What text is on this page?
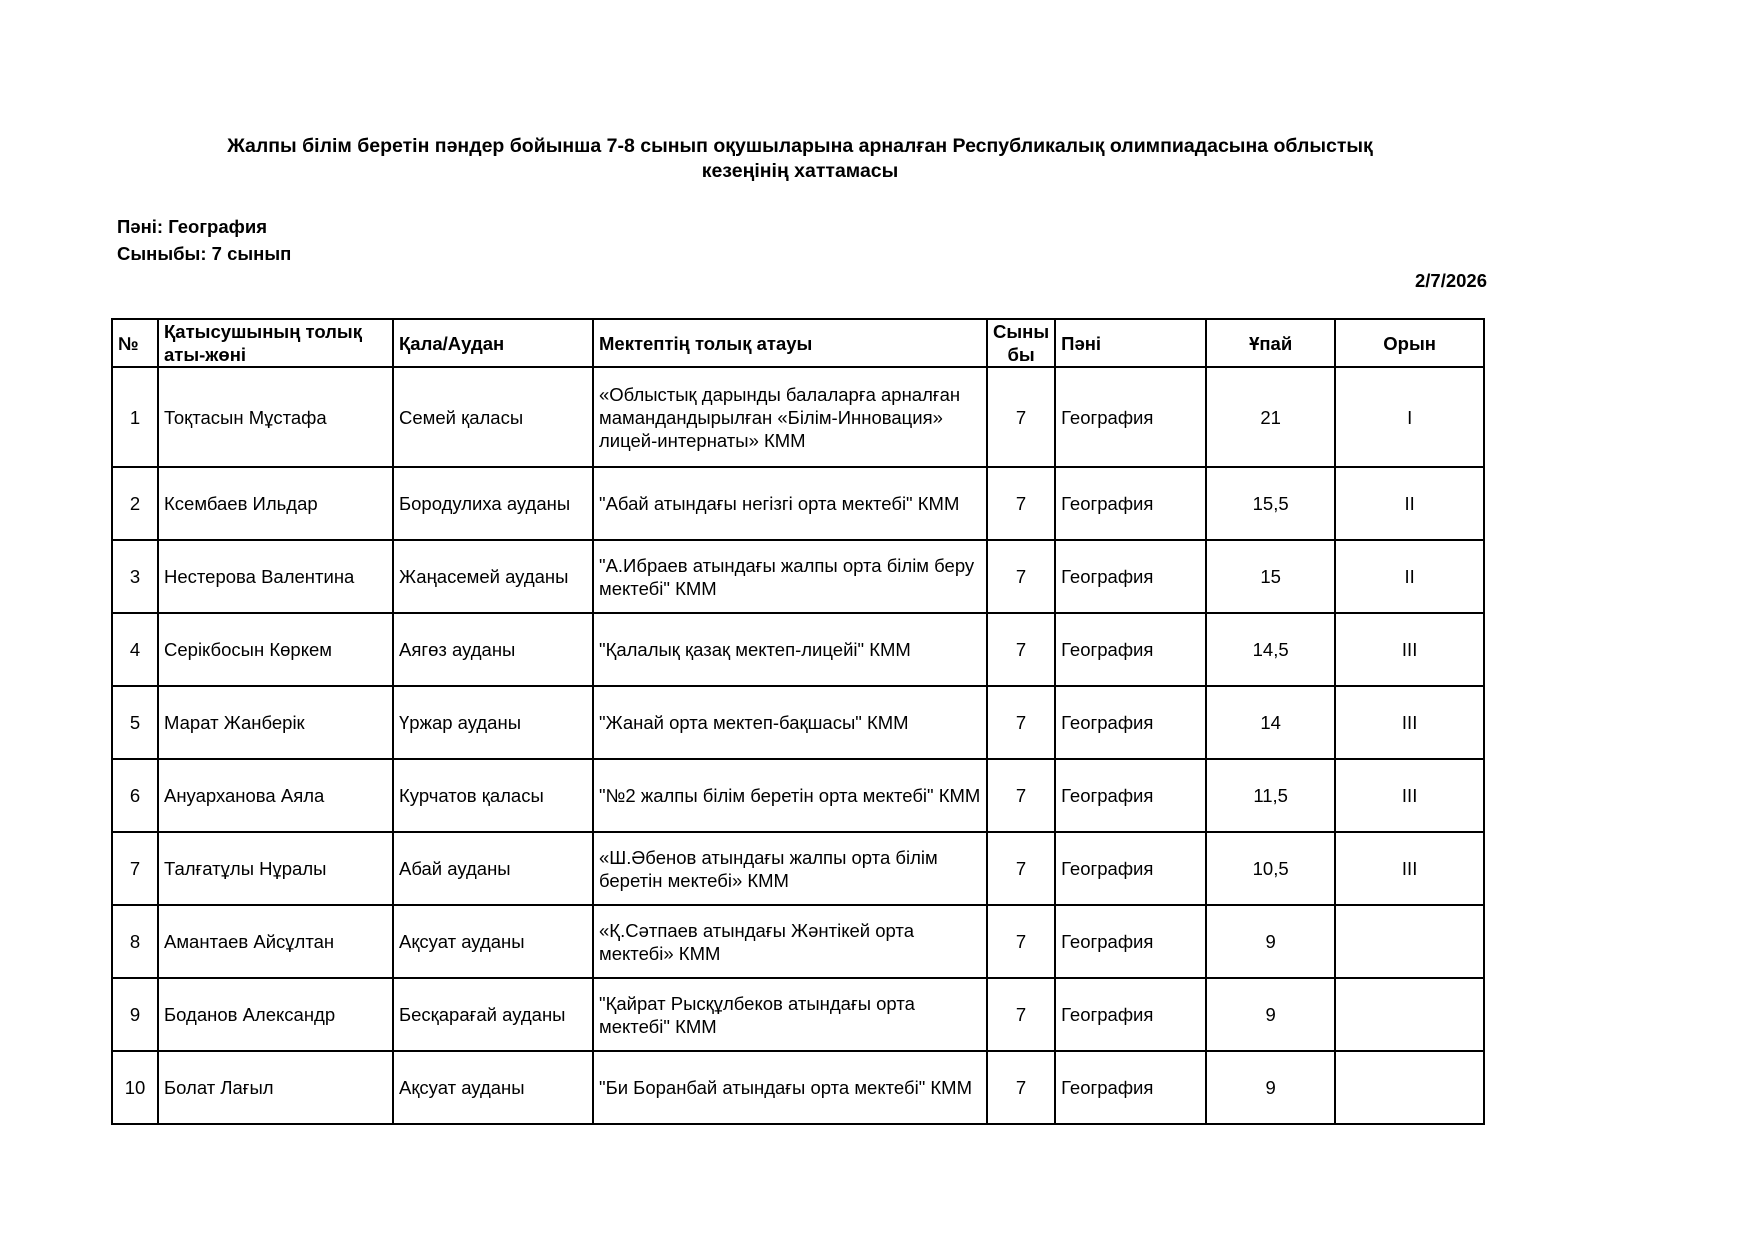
Жалпы білім беретін пәндер бойынша 7-8 сынып оқушыларына арналған Республикалық олимпиадасына облыстық
кезеңінің хаттамасы
Пәні: География
Сыныбы: 7 сынып
2/7/2026
№	Қатысушының толық аты-жөні	Қала/Аудан	Мектептің толық атауы	Сыны бы	Пәні	Ұпай	Орын
1	Тоқтасын Мұстафа	Семей қаласы	«Облыстық дарынды балаларға арналған мамандандырылған «Білім-Инновация» лицей-интернаты» КММ	7	География	21	I
2	Ксембаев Ильдар	Бородулиха ауданы	"Абай атындағы негізгі орта мектебі" КММ	7	География	15,5	II
3	Нестерова Валентина	Жаңасемей ауданы	"А.Ибраев атындағы жалпы орта білім беру мектебі" КММ	7	География	15	II
4	Серікбосын Көркем	Аягөз ауданы	"Қалалық қазақ мектеп-лицейі" КММ	7	География	14,5	III
5	Марат Жанберік	Үржар ауданы	"Жанай орта мектеп-бақшасы" КММ	7	География	14	III
6	Ануарханова Аяла	Курчатов қаласы	"№2 жалпы білім беретін орта мектебі" КММ	7	География	11,5	III
7	Талғатұлы Нұралы	Абай ауданы	«Ш.Әбенов атындағы жалпы орта білім беретін мектебі» КММ	7	География	10,5	III
8	Амантаев Айсұлтан	Ақсуат ауданы	«Қ.Сәтпаев атындағы Жәнтікей орта мектебі» КММ	7	География	9	
9	Боданов Александр	Бесқарағай ауданы	"Қайрат Рысқұлбеков атындағы орта мектебі" КММ	7	География	9	
10	Болат Лағыл	Ақсуат ауданы	"Би Боранбай атындағы орта мектебі" КММ	7	География	9	
